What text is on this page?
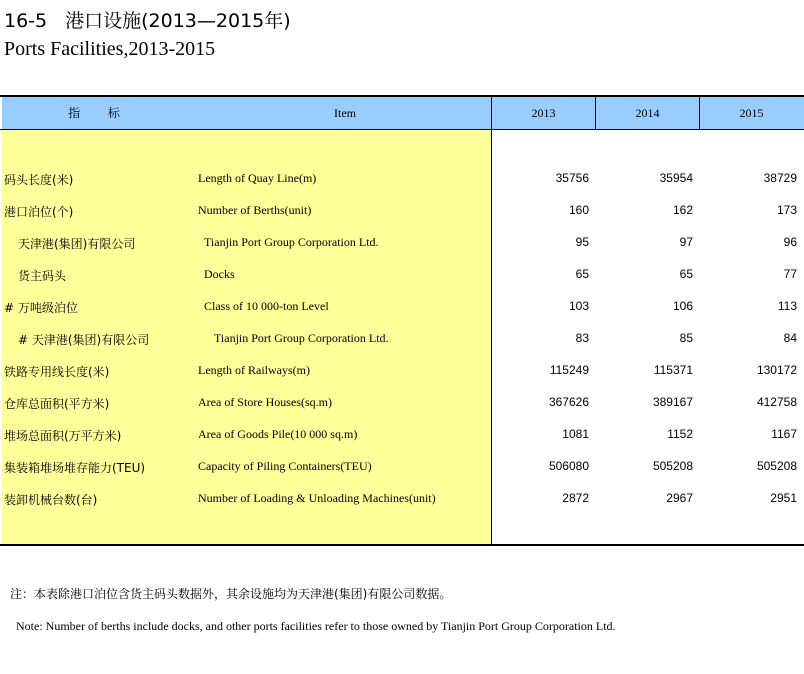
16-5 港口设施(2013—2015年)
Ports Facilities,2013-2015
指 标	Item	2013	2014	2015
码头长度(米)	Length of Quay Line(m)	35756	35954	38729
港口泊位(个)	Number of Berths(unit)	160	162	173
天津港(集团)有限公司	Tianjin Port Group Corporation Ltd.	95	97	96
货主码头	Docks	65	65	77
# 万吨级泊位	Class of 10 000-ton Level	103	106	113
# 天津港(集团)有限公司	Tianjin Port Group Corporation Ltd.	83	85	84
铁路专用线长度(米)	Length of Railways(m)	115249	115371	130172
仓库总面积(平方米)	Area of Store Houses(sq.m)	367626	389167	412758
堆场总面积(万平方米)	Area of Goods Pile(10 000 sq.m)	1081	1152	1167
集装箱堆场堆存能力(TEU)	Capacity of Piling Containers(TEU)	506080	505208	505208
装卸机械台数(台)	Number of Loading & Unloading Machines(unit)	2872	2967	2951
注：本表除港口泊位含货主码头数据外，其余设施均为天津港(集团)有限公司数据。
Note: Number of berths include docks, and other ports facilities refer to those owned by Tianjin Port Group Corporation Ltd.
